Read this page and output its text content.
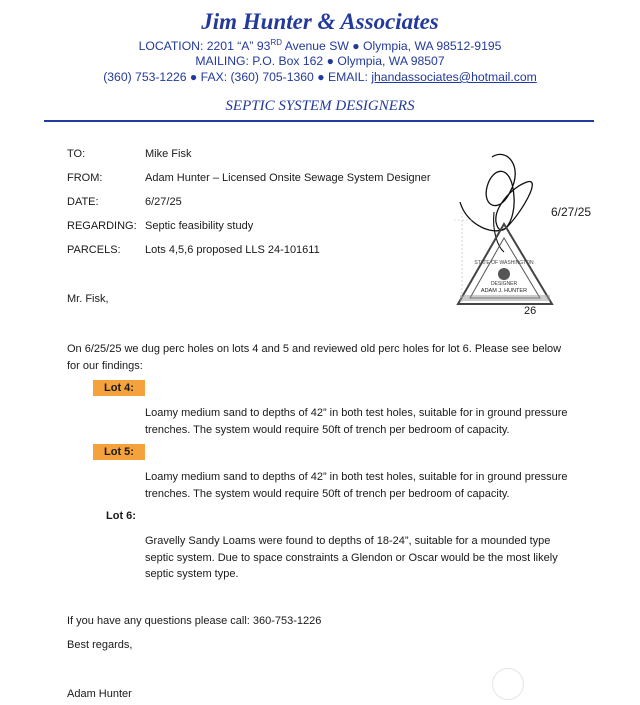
Jim Hunter & Associates
LOCATION: 2201 “A” 93RD Avenue SW ● Olympia, WA 98512-9195
MAILING: P.O. Box 162 ● Olympia, WA 98507
(360) 753-1226 ● FAX: (360) 705-1360 ● EMAIL: jhandassociates@hotmail.com
SEPTIC SYSTEM DESIGNERS
TO:	Mike Fisk
FROM:	Adam Hunter – Licensed Onsite Sewage System Designer
DATE:	6/27/25
REGARDING: Septic feasibility study
PARCELS: Lots 4,5,6 proposed LLS 24-101611
STATE OF WASHINGTON
DESIGNER
ADAM J. HUNTER
6/27/25
26
Mr. Fisk,
On 6/25/25 we dug perc holes on lots 4 and 5 and reviewed old perc holes for lot 6. Please see below
for our findings:
Lot 4:
Loamy medium sand to depths of 42” in both test holes, suitable for in ground pressure
trenches. The system would require 50ft of trench per bedroom of capacity.
Lot 5:
Loamy medium sand to depths of 42” in both test holes, suitable for in ground pressure
trenches. The system would require 50ft of trench per bedroom of capacity.
Lot 6:
Gravelly Sandy Loams were found to depths of 18-24”, suitable for a mounded type
septic system. Due to space constraints a Glendon or Oscar would be the most likely
septic system type.
If you have any questions please call: 360-753-1226
Best regards,
Adam Hunter
